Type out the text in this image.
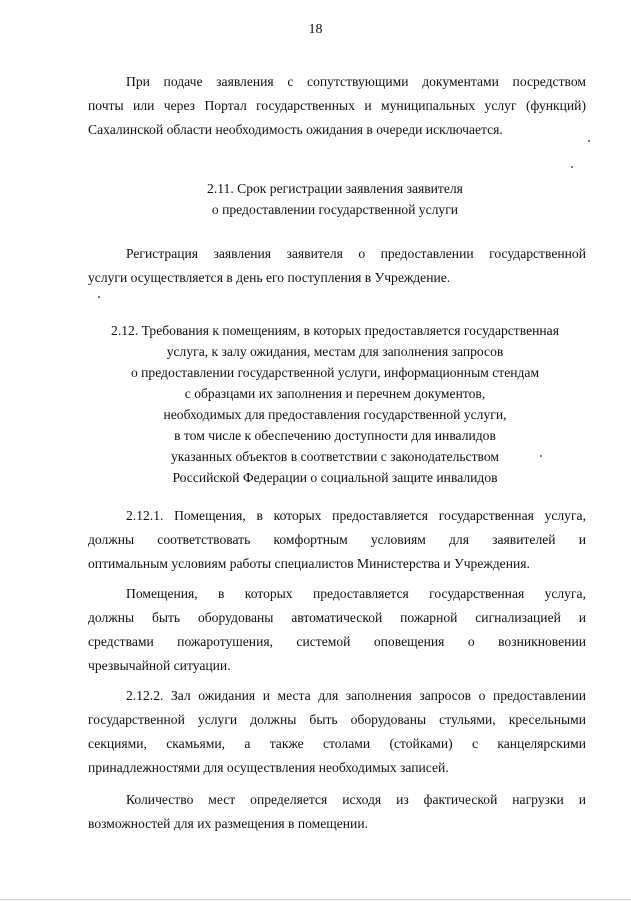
18
При подаче заявления с сопутствующими документами посредством
почты или через Портал государственных и муниципальных услуг (функций)
Сахалинской области необходимость ожидания в очереди исключается.
2.11. Срок регистрации заявления заявителя
о предоставлении государственной услуги
Регистрация заявления заявителя о предоставлении государственной
услуги осуществляется в день его поступления в Учреждение.
2.12. Требования к помещениям, в которых предоставляется государственная
услуга, к залу ожидания, местам для заполнения запросов
о предоставлении государственной услуги, информационным стендам
с образцами их заполнения и перечнем документов,
необходимых для предоставления государственной услуги,
в том числе к обеспечению доступности для инвалидов
указанных объектов в соответствии с законодательством
Российской Федерации о социальной защите инвалидов
2.12.1. Помещения, в которых предоставляется государственная услуга,
должны соответствовать комфортным условиям для заявителей и
оптимальным условиям работы специалистов Министерства и Учреждения.
Помещения, в которых предоставляется государственная услуга,
должны быть оборудованы автоматической пожарной сигнализацией и
средствами пожаротушения, системой оповещения о возникновении
чрезвычайной ситуации.
2.12.2. Зал ожидания и места для заполнения запросов о предоставлении
государственной услуги должны быть оборудованы стульями, кресельными
секциями, скамьями, а также столами (стойками) с канцелярскими
принадлежностями для осуществления необходимых записей.
Количество мест определяется исходя из фактической нагрузки и
возможностей для их размещения в помещении.
